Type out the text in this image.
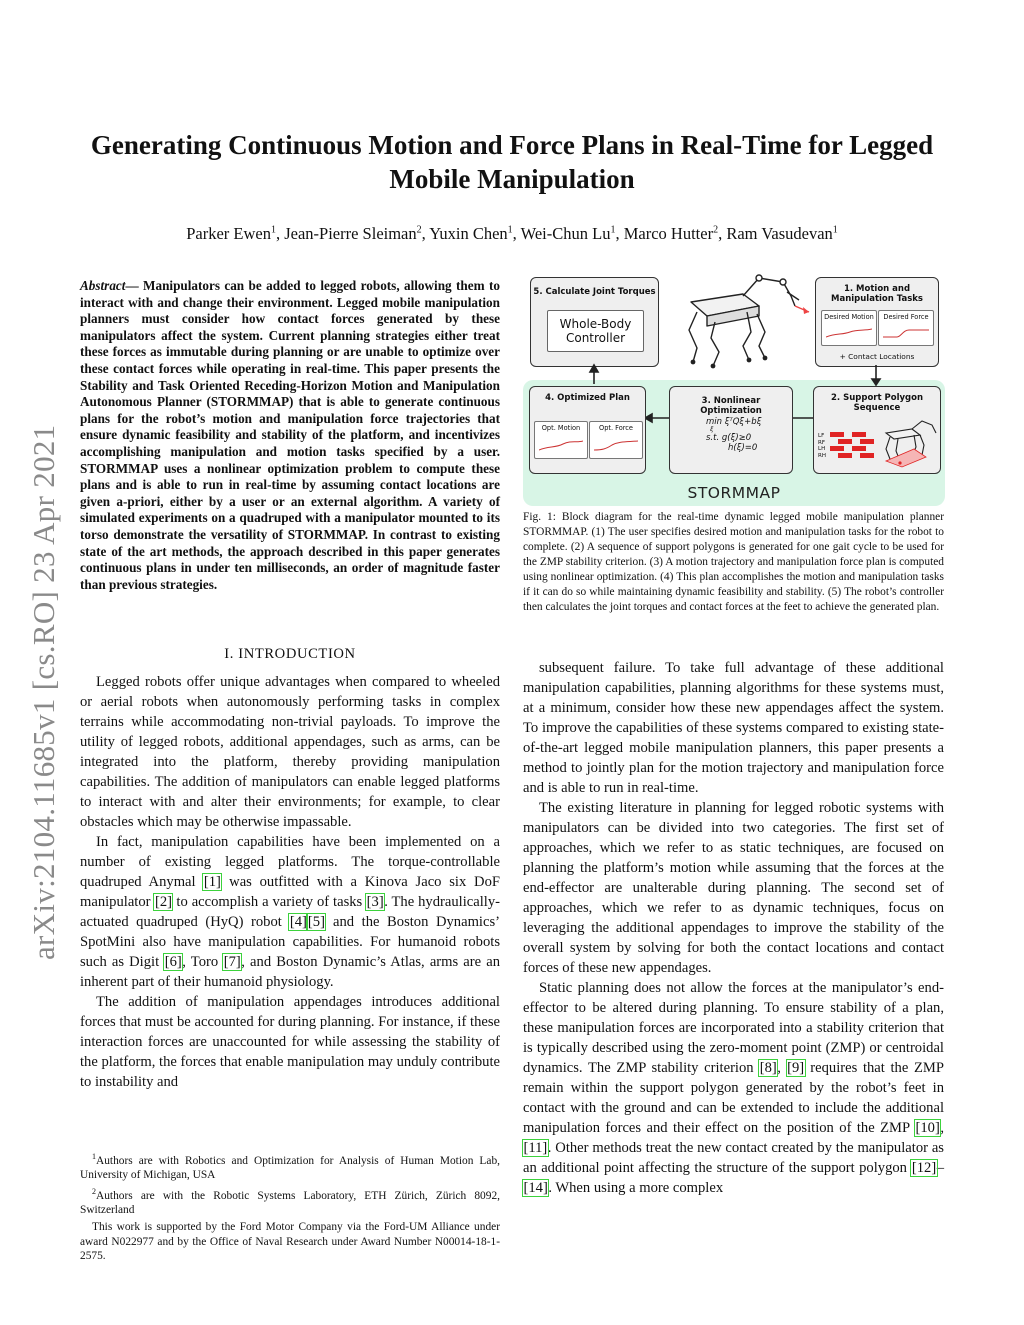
arXiv:2104.11685v1 [cs.RO] 23 Apr 2021
Generating Continuous Motion and Force Plans in Real-Time for Legged Mobile Manipulation
Parker Ewen$^1$, Jean-Pierre Sleiman$^2$, Yuxin Chen$^1$, Wei-Chun Lu$^1$, Marco Hutter$^2$, Ram Vasudevan$^1$
Abstract— Manipulators can be added to legged robots, allowing them to interact with and change their environment. Legged mobile manipulation planners must consider how contact forces generated by these manipulators affect the system. Current planning strategies either treat these forces as immutable during planning or are unable to optimize over these contact forces while operating in real-time. This paper presents the Stability and Task Oriented Receding-Horizon Motion and Manipulation Autonomous Planner (STORMMAP) that is able to generate continuous plans for the robot’s motion and manipulation force trajectories that ensure dynamic feasibility and stability of the platform, and incentivizes accomplishing manipulation and motion tasks specified by a user. STORMMAP uses a nonlinear optimization problem to compute these plans and is able to run in real-time by assuming contact locations are given a-priori, either by a user or an external algorithm. A variety of simulated experiments on a quadruped with a manipulator mounted to its torso demonstrate the versatility of STORMMAP. In contrast to existing state of the art methods, the approach described in this paper generates continuous plans in under ten milliseconds, an order of magnitude faster than previous strategies.
I. INTRODUCTION

Legged robots offer unique advantages when compared to wheeled or aerial robots when autonomously performing tasks in complex terrains while accommodating non-trivial payloads. To improve the utility of legged robots, additional appendages, such as arms, can be integrated into the platform, thereby providing manipulation capabilities. The addition of manipulators can enable legged platforms to interact with and alter their environments; for example, to clear obstacles which may be otherwise impassable.

In fact, manipulation capabilities have been implemented on a number of existing legged platforms. The torque-controllable quadruped Anymal [1] was outfitted with a Kinova Jaco six DoF manipulator [2] to accomplish a variety of tasks [3]. The hydraulically-actuated quadruped (HyQ) robot [4][5] and the Boston Dynamics’ SpotMini also have manipulation capabilities. For humanoid robots such as Digit [6], Toro [7], and Boston Dynamic’s Atlas, arms are an inherent part of their humanoid physiology.

The addition of manipulation appendages introduces additional forces that must be accounted for during planning. For instance, if these interaction forces are unaccounted for while assessing the stability of the platform, the forces that enable manipulation may unduly contribute to instability and

$^1$Authors are with Robotics and Optimization for Analysis of Human Motion Lab, University of Michigan, USA

$^2$Authors are with the Robotic Systems Laboratory, ETH Zürich, Zürich 8092, Switzerland

This work is supported by the Ford Motor Company via the Ford-UM Alliance under award N022977 and by the Office of Naval Research under Award Number N00014-18-1-2575.

5. Calculate Joint Torques
Whole-Body Controller
1. Motion and Manipulation Tasks
Desired Motion	Desired Force
+ Contact Locations
4. Optimized Plan
Opt. Motion	Opt. Force
3. Nonlinear Optimization
min ξᵀQξ+bξ
ξ
s.t. g(ξ)≥0
h(ξ)=0
2. Support Polygon Sequence
LF
RF
LH
RH
STORMMAP
Fig. 1: Block diagram for the real-time dynamic legged mobile manipulation planner STORMMAP. (1) The user specifies desired motion and manipulation tasks for the robot to complete. (2) A sequence of support polygons is generated for one gait cycle to be used for the ZMP stability criterion. (3) A motion trajectory and manipulation force plan is computed using nonlinear optimization. (4) This plan accomplishes the motion and manipulation tasks if it can do so while maintaining dynamic feasibility and stability. (5) The robot’s controller then calculates the joint torques and contact forces at the feet to achieve the generated plan.

subsequent failure. To take full advantage of these additional manipulation capabilities, planning algorithms for these systems must, at a minimum, consider how these new appendages affect the system. To improve the capabilities of these systems compared to existing state-of-the-art legged mobile manipulation planners, this paper presents a method to jointly plan for the motion trajectory and manipulation force and is able to run in real-time.

The existing literature in planning for legged robotic systems with manipulators can be divided into two categories. The first set of approaches, which we refer to as static techniques, are focused on planning the platform’s motion while assuming that the forces at the end-effector are unalterable during planning. The second set of approaches, which we refer to as dynamic techniques, focus on leveraging the additional appendages to improve the stability of the overall system by solving for both the contact locations and contact forces of these new appendages.

Static planning does not allow the forces at the manipulator’s end-effector to be altered during planning. To ensure stability of a plan, these manipulation forces are incorporated into a stability criterion that is typically described using the zero-moment point (ZMP) or centroidal dynamics. The ZMP stability criterion [8], [9] requires that the ZMP remain within the support polygon generated by the robot’s feet in contact with the ground and can be extended to include the additional manipulation forces and their effect on the position of the ZMP [10], [11]. Other methods treat the new contact created by the manipulator as an additional point affecting the structure of the support polygon [12]–[14]. When using a more complex
